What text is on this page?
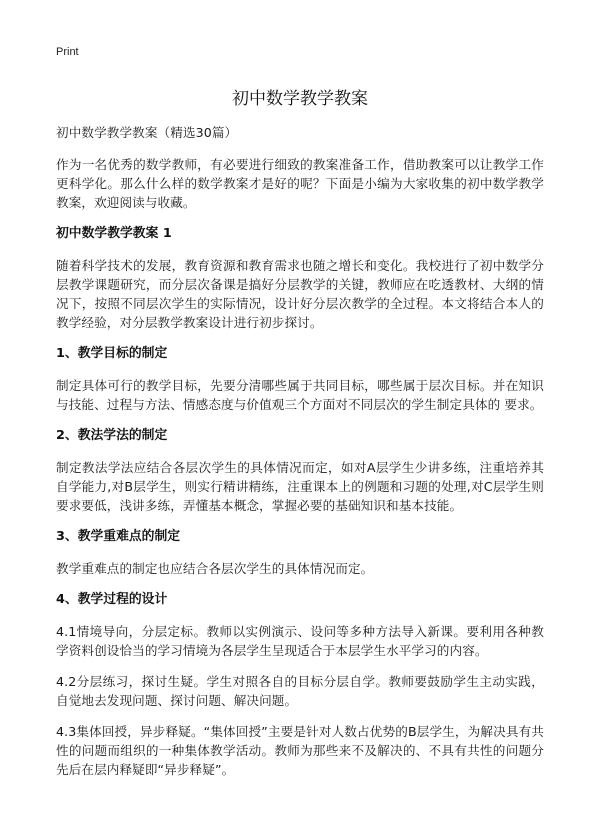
Print
初中数学教学教案

初中数学教学教案（精选30篇）

作为一名优秀的数学教师，有必要进行细致的教案准备工作，借助教案可以让教学工作更科学化。那么什么样的数学教案才是好的呢？下面是小编为大家收集的初中数学教学教案，欢迎阅读与收藏。

初中数学教学教案 1

随着科学技术的发展，教育资源和教育需求也随之增长和变化。我校进行了初中数学分层教学课题研究，而分层次备课是搞好分层教学的关键，教师应在吃透教材、大纲的情况下，按照不同层次学生的实际情况，设计好分层次教学的全过程。本文将结合本人的教学经验，对分层教学教案设计进行初步探讨。

1、教学目标的制定

制定具体可行的教学目标，先要分清哪些属于共同目标，哪些属于层次目标。并在知识与技能、过程与方法、情感态度与价值观三个方面对不同层次的学生制定具体的 要求。

2、教法学法的制定

制定教法学法应结合各层次学生的具体情况而定，如对A层学生少讲多练，注重培养其自学能力,对B层学生，则实行精讲精练，注重课本上的例题和习题的处理,对C层学生则要求要低，浅讲多练，弄懂基本概念，掌握必要的基础知识和基本技能。

3、教学重难点的制定

教学重难点的制定也应结合各层次学生的具体情况而定。

4、教学过程的设计

4.1情境导向，分层定标。教师以实例演示、设问等多种方法导入新课。要利用各种教学资料创设恰当的学习情境为各层学生呈现适合于本层学生水平学习的内容。

4.2分层练习，探讨生疑。学生对照各自的目标分层自学。教师要鼓励学生主动实践，自觉地去发现问题、探讨问题、解决问题。

4.3集体回授，异步释疑。“集体回授”主要是针对人数占优势的B层学生，为解决具有共性的问题而组织的一种集体教学活动。教师为那些来不及解决的、不具有共性的问题分先后在层内释疑即“异步释疑”。
